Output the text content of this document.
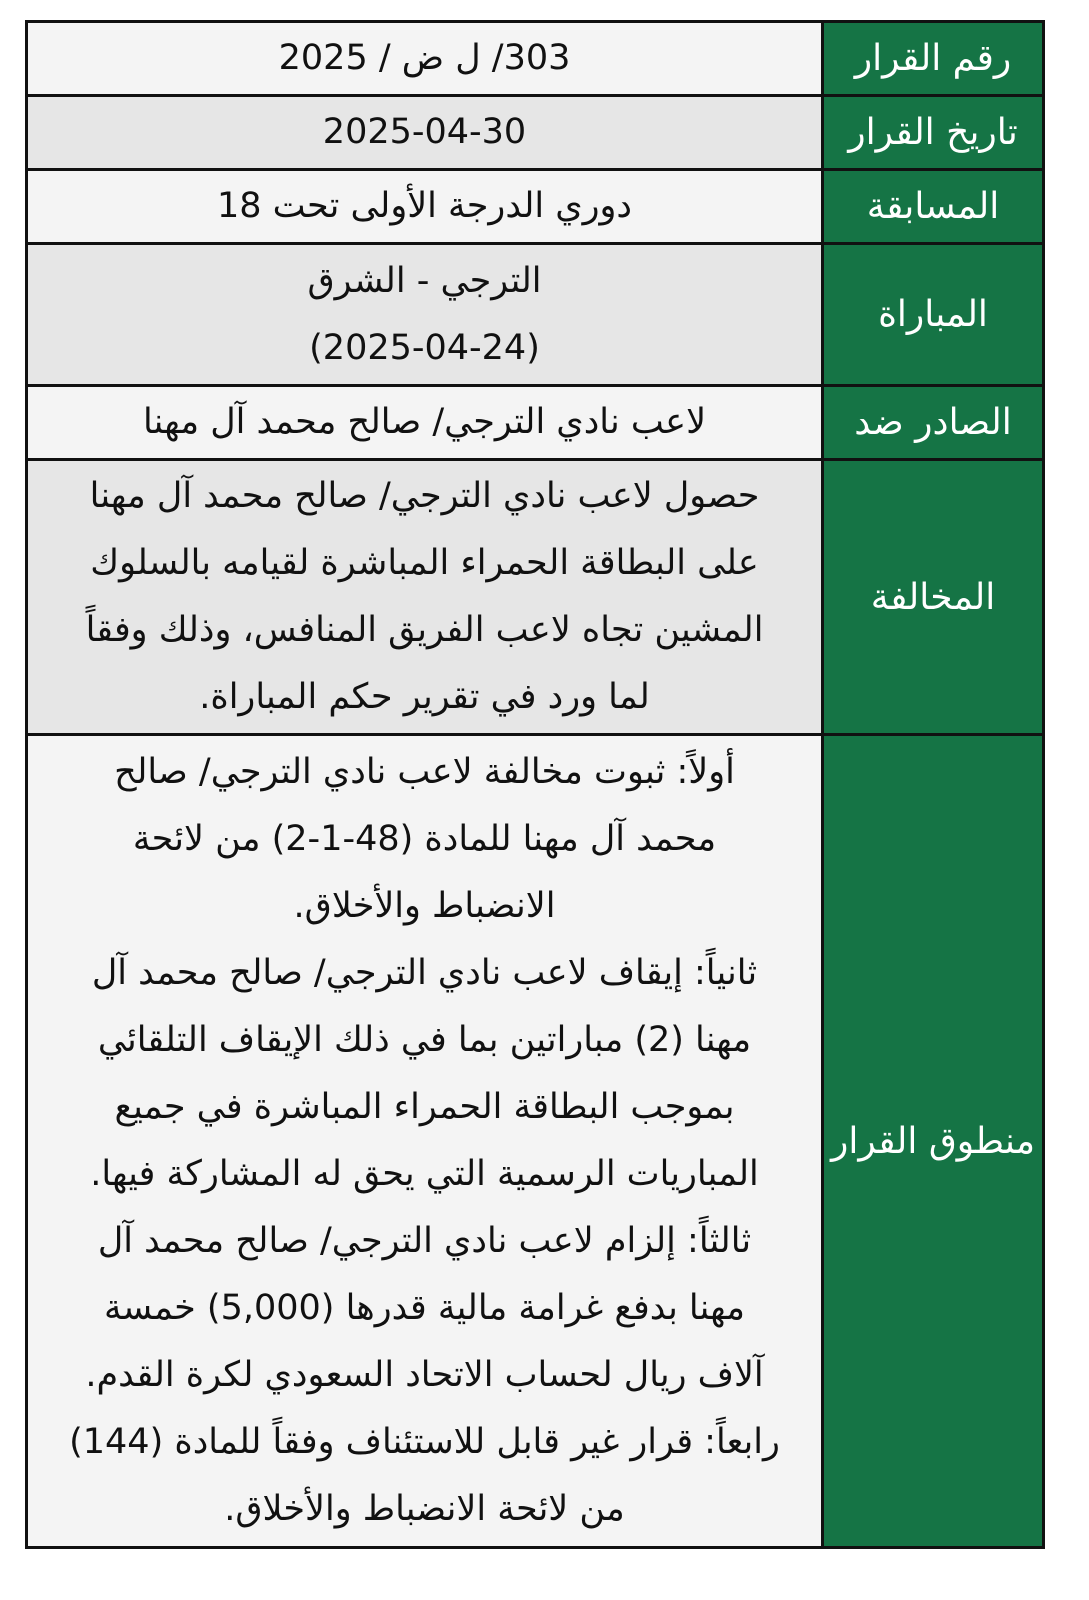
رقم القرار
303/ ل ض / 2025
تاريخ القرار
2025-04-30
المسابقة
دوري الدرجة الأولى تحت 18
المباراة
الترجي - الشرق
(2025-04-24)
الصادر ضد
لاعب نادي الترجي/ صالح محمد آل مهنا
المخالفة
حصول لاعب نادي الترجي/ صالح محمد آل مهنا
على البطاقة الحمراء المباشرة لقيامه بالسلوك
المشين تجاه لاعب الفريق المنافس، وذلك وفقاً
لما ورد في تقرير حكم المباراة.
منطوق القرار
أولاً: ثبوت مخالفة لاعب نادي الترجي/ صالح
محمد آل مهنا للمادة (48-1-2) من لائحة
الانضباط والأخلاق.
ثانياً: إيقاف لاعب نادي الترجي/ صالح محمد آل
مهنا (2) مباراتين بما في ذلك الإيقاف التلقائي
بموجب البطاقة الحمراء المباشرة في جميع
المباريات الرسمية التي يحق له المشاركة فيها.
ثالثاً: إلزام لاعب نادي الترجي/ صالح محمد آل
مهنا بدفع غرامة مالية قدرها (5,000) خمسة
آلاف ريال لحساب الاتحاد السعودي لكرة القدم.
رابعاً: قرار غير قابل للاستئناف وفقاً للمادة (144)
من لائحة الانضباط والأخلاق.
